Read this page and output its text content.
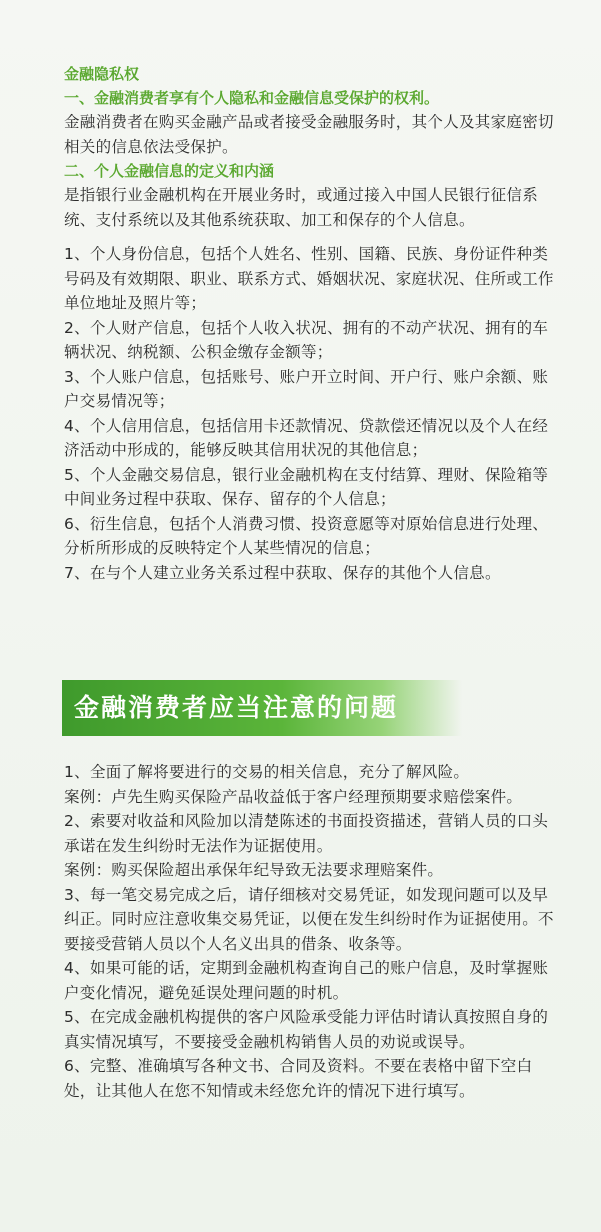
金融隐私权

一、金融消费者享有个人隐私和金融信息受保护的权利。

金融消费者在购买金融产品或者接受金融服务时，其个人及其家庭密切相关的信息依法受保护。

二、个人金融信息的定义和内涵

是指银行业金融机构在开展业务时，或通过接入中国人民银行征信系统、支付系统以及其他系统获取、加工和保存的个人信息。

1、个人身份信息，包括个人姓名、性别、国籍、民族、身份证件种类号码及有效期限、职业、联系方式、婚姻状况、家庭状况、住所或工作单位地址及照片等；

2、个人财产信息，包括个人收入状况、拥有的不动产状况、拥有的车辆状况、纳税额、公积金缴存金额等；

3、个人账户信息，包括账号、账户开立时间、开户行、账户余额、账户交易情况等；

4、个人信用信息，包括信用卡还款情况、贷款偿还情况以及个人在经济活动中形成的，能够反映其信用状况的其他信息；

5、个人金融交易信息，银行业金融机构在支付结算、理财、保险箱等中间业务过程中获取、保存、留存的个人信息；

6、衍生信息，包括个人消费习惯、投资意愿等对原始信息进行处理、分析所形成的反映特定个人某些情况的信息；

7、在与个人建立业务关系过程中获取、保存的其他个人信息。

金融消费者应当注意的问题

1、全面了解将要进行的交易的相关信息，充分了解风险。

案例：卢先生购买保险产品收益低于客户经理预期要求赔偿案件。

2、索要对收益和风险加以清楚陈述的书面投资描述，营销人员的口头承诺在发生纠纷时无法作为证据使用。

案例：购买保险超出承保年纪导致无法要求理赔案件。

3、每一笔交易完成之后，请仔细核对交易凭证，如发现问题可以及早纠正。同时应注意收集交易凭证，以便在发生纠纷时作为证据使用。不要接受营销人员以个人名义出具的借条、收条等。

4、如果可能的话，定期到金融机构查询自己的账户信息，及时掌握账户变化情况，避免延误处理问题的时机。

5、在完成金融机构提供的客户风险承受能力评估时请认真按照自身的真实情况填写，不要接受金融机构销售人员的劝说或误导。

6、完整、准确填写各种文书、合同及资料。不要在表格中留下空白处，让其他人在您不知情或未经您允许的情况下进行填写。
